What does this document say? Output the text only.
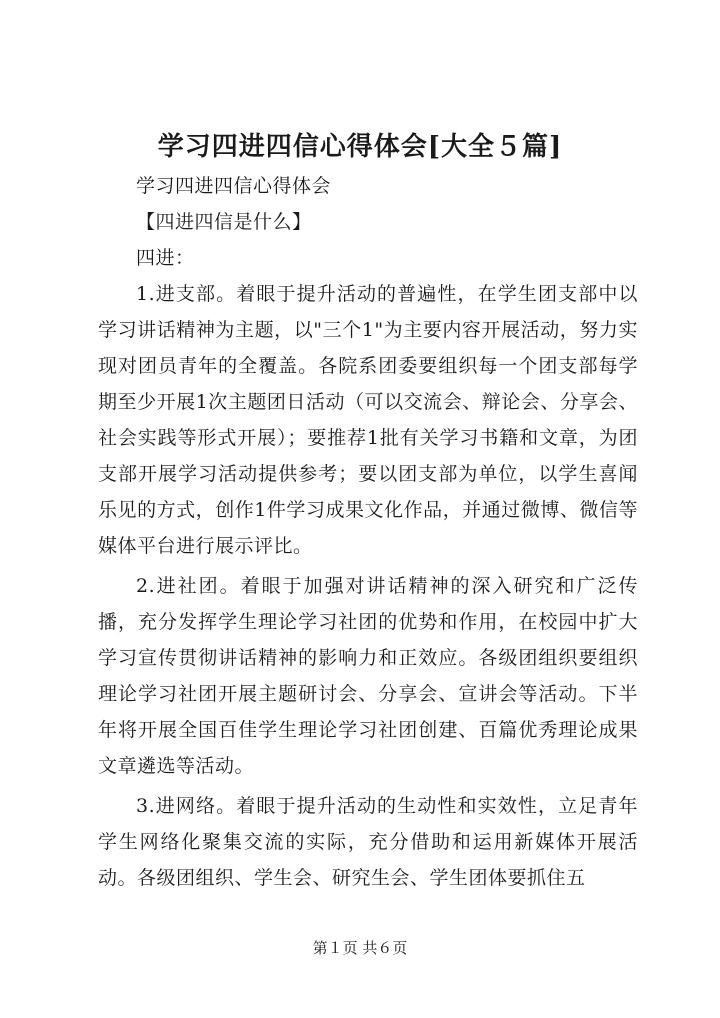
学习四进四信心得体会[大全５篇]

学习四进四信心得体会

【四进四信是什么】

四进：

1.进支部。着眼于提升活动的普遍性，在学生团支部中以学习讲话精神为主题，以"三个1"为主要内容开展活动，努力实现对团员青年的全覆盖。各院系团委要组织每一个团支部每学期至少开展1次主题团日活动（可以交流会、辩论会、分享会、社会实践等形式开展）；要推荐1批有关学习书籍和文章，为团支部开展学习活动提供参考；要以团支部为单位，以学生喜闻乐见的方式，创作1件学习成果文化作品，并通过微博、微信等媒体平台进行展示评比。

2.进社团。着眼于加强对讲话精神的深入研究和广泛传播，充分发挥学生理论学习社团的优势和作用，在校园中扩大学习宣传贯彻讲话精神的影响力和正效应。各级团组织要组织理论学习社团开展主题研讨会、分享会、宣讲会等活动。下半年将开展全国百佳学生理论学习社团创建、百篇优秀理论成果文章遴选等活动。

3.进网络。着眼于提升活动的生动性和实效性，立足青年学生网络化聚集交流的实际，充分借助和运用新媒体开展活动。各级团组织、学生会、研究生会、学生团体要抓住五

第１页 共６页
